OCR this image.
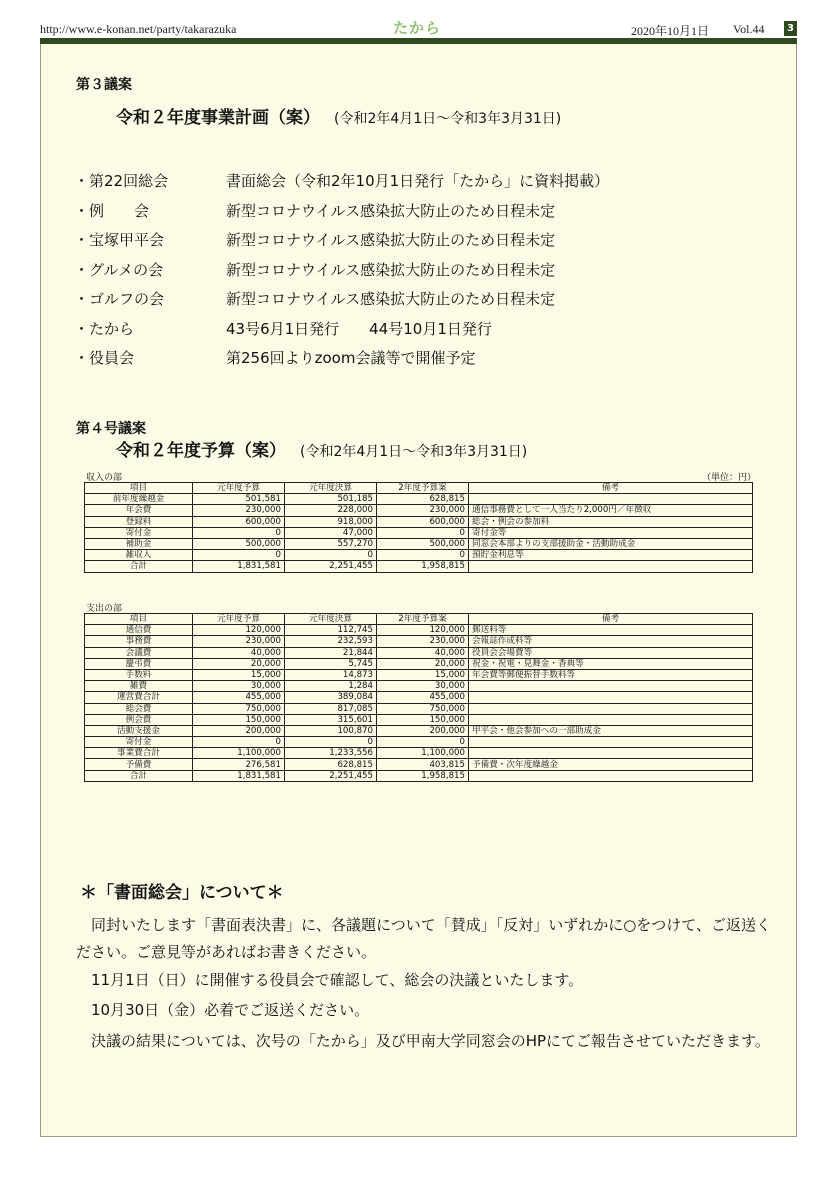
http://www.e-konan.net/party/takarazuka	たから	2020年10月1日 Vol.44	3
第３議案
令和２年度事業計画（案） (令和2年4月1日〜令和3年3月31日)
・第22回総会	書面総会（令和2年10月1日発行「たから」に資料掲載）
・例　　会	新型コロナウイルス感染拡大防止のため日程未定
・宝塚甲平会	新型コロナウイルス感染拡大防止のため日程未定
・グルメの会	新型コロナウイルス感染拡大防止のため日程未定
・ゴルフの会	新型コロナウイルス感染拡大防止のため日程未定
・たから	43号6月1日発行　　44号10月1日発行
・役員会	第256回よりzoom会議等で開催予定
第４号議案
令和２年度予算（案） (令和2年4月1日〜令和3年3月31日)
収入の部	（単位：円）
項目	元年度予算	元年度決算	2年度予算案	備考
前年度繰越金	501,581	501,185	628,815	
年会費	230,000	228,000	230,000	通信事務費として一人当たり2,000円／年徴収
登録料	600,000	918,000	600,000	総会・例会の参加料
寄付金	0	47,000	0	寄付金等
補助金	500,000	557,270	500,000	同窓会本部よりの支部援助金・活動助成金
雑収入	0	0	0	預貯金利息等
合計	1,831,581	2,251,455	1,958,815	
支出の部
項目	元年度予算	元年度決算	2年度予算案	備考
通信費	120,000	112,745	120,000	郵送料等
事務費	230,000	232,593	230,000	会報誌作成料等
会議費	40,000	21,844	40,000	役員会会場費等
慶弔費	20,000	5,745	20,000	祝金・祝電・見舞金・香典等
手数料	15,000	14,873	15,000	年会費等郵便振替手数料等
雑費	30,000	1,284	30,000	
運営費合計	455,000	389,084	455,000	
総会費	750,000	817,085	750,000	
例会費	150,000	315,601	150,000	
活動支援金	200,000	100,870	200,000	甲平会・他会参加への一部助成金
寄付金	0	0	0	
事業費合計	1,100,000	1,233,556	1,100,000	
予備費	276,581	628,815	403,815	予備費・次年度繰越金
合計	1,831,581	2,251,455	1,958,815	
＊「書面総会」について＊
　同封いたします「書面表決書」に、各議題について「賛成」「反対」いずれかに○をつけて、ご返送ください。ご意見等があればお書きください。
　11月1日（日）に開催する役員会で確認して、総会の決議といたします。
　10月30日（金）必着でご返送ください。
　決議の結果については、次号の「たから」及び甲南大学同窓会のHPにてご報告させていただきます。
